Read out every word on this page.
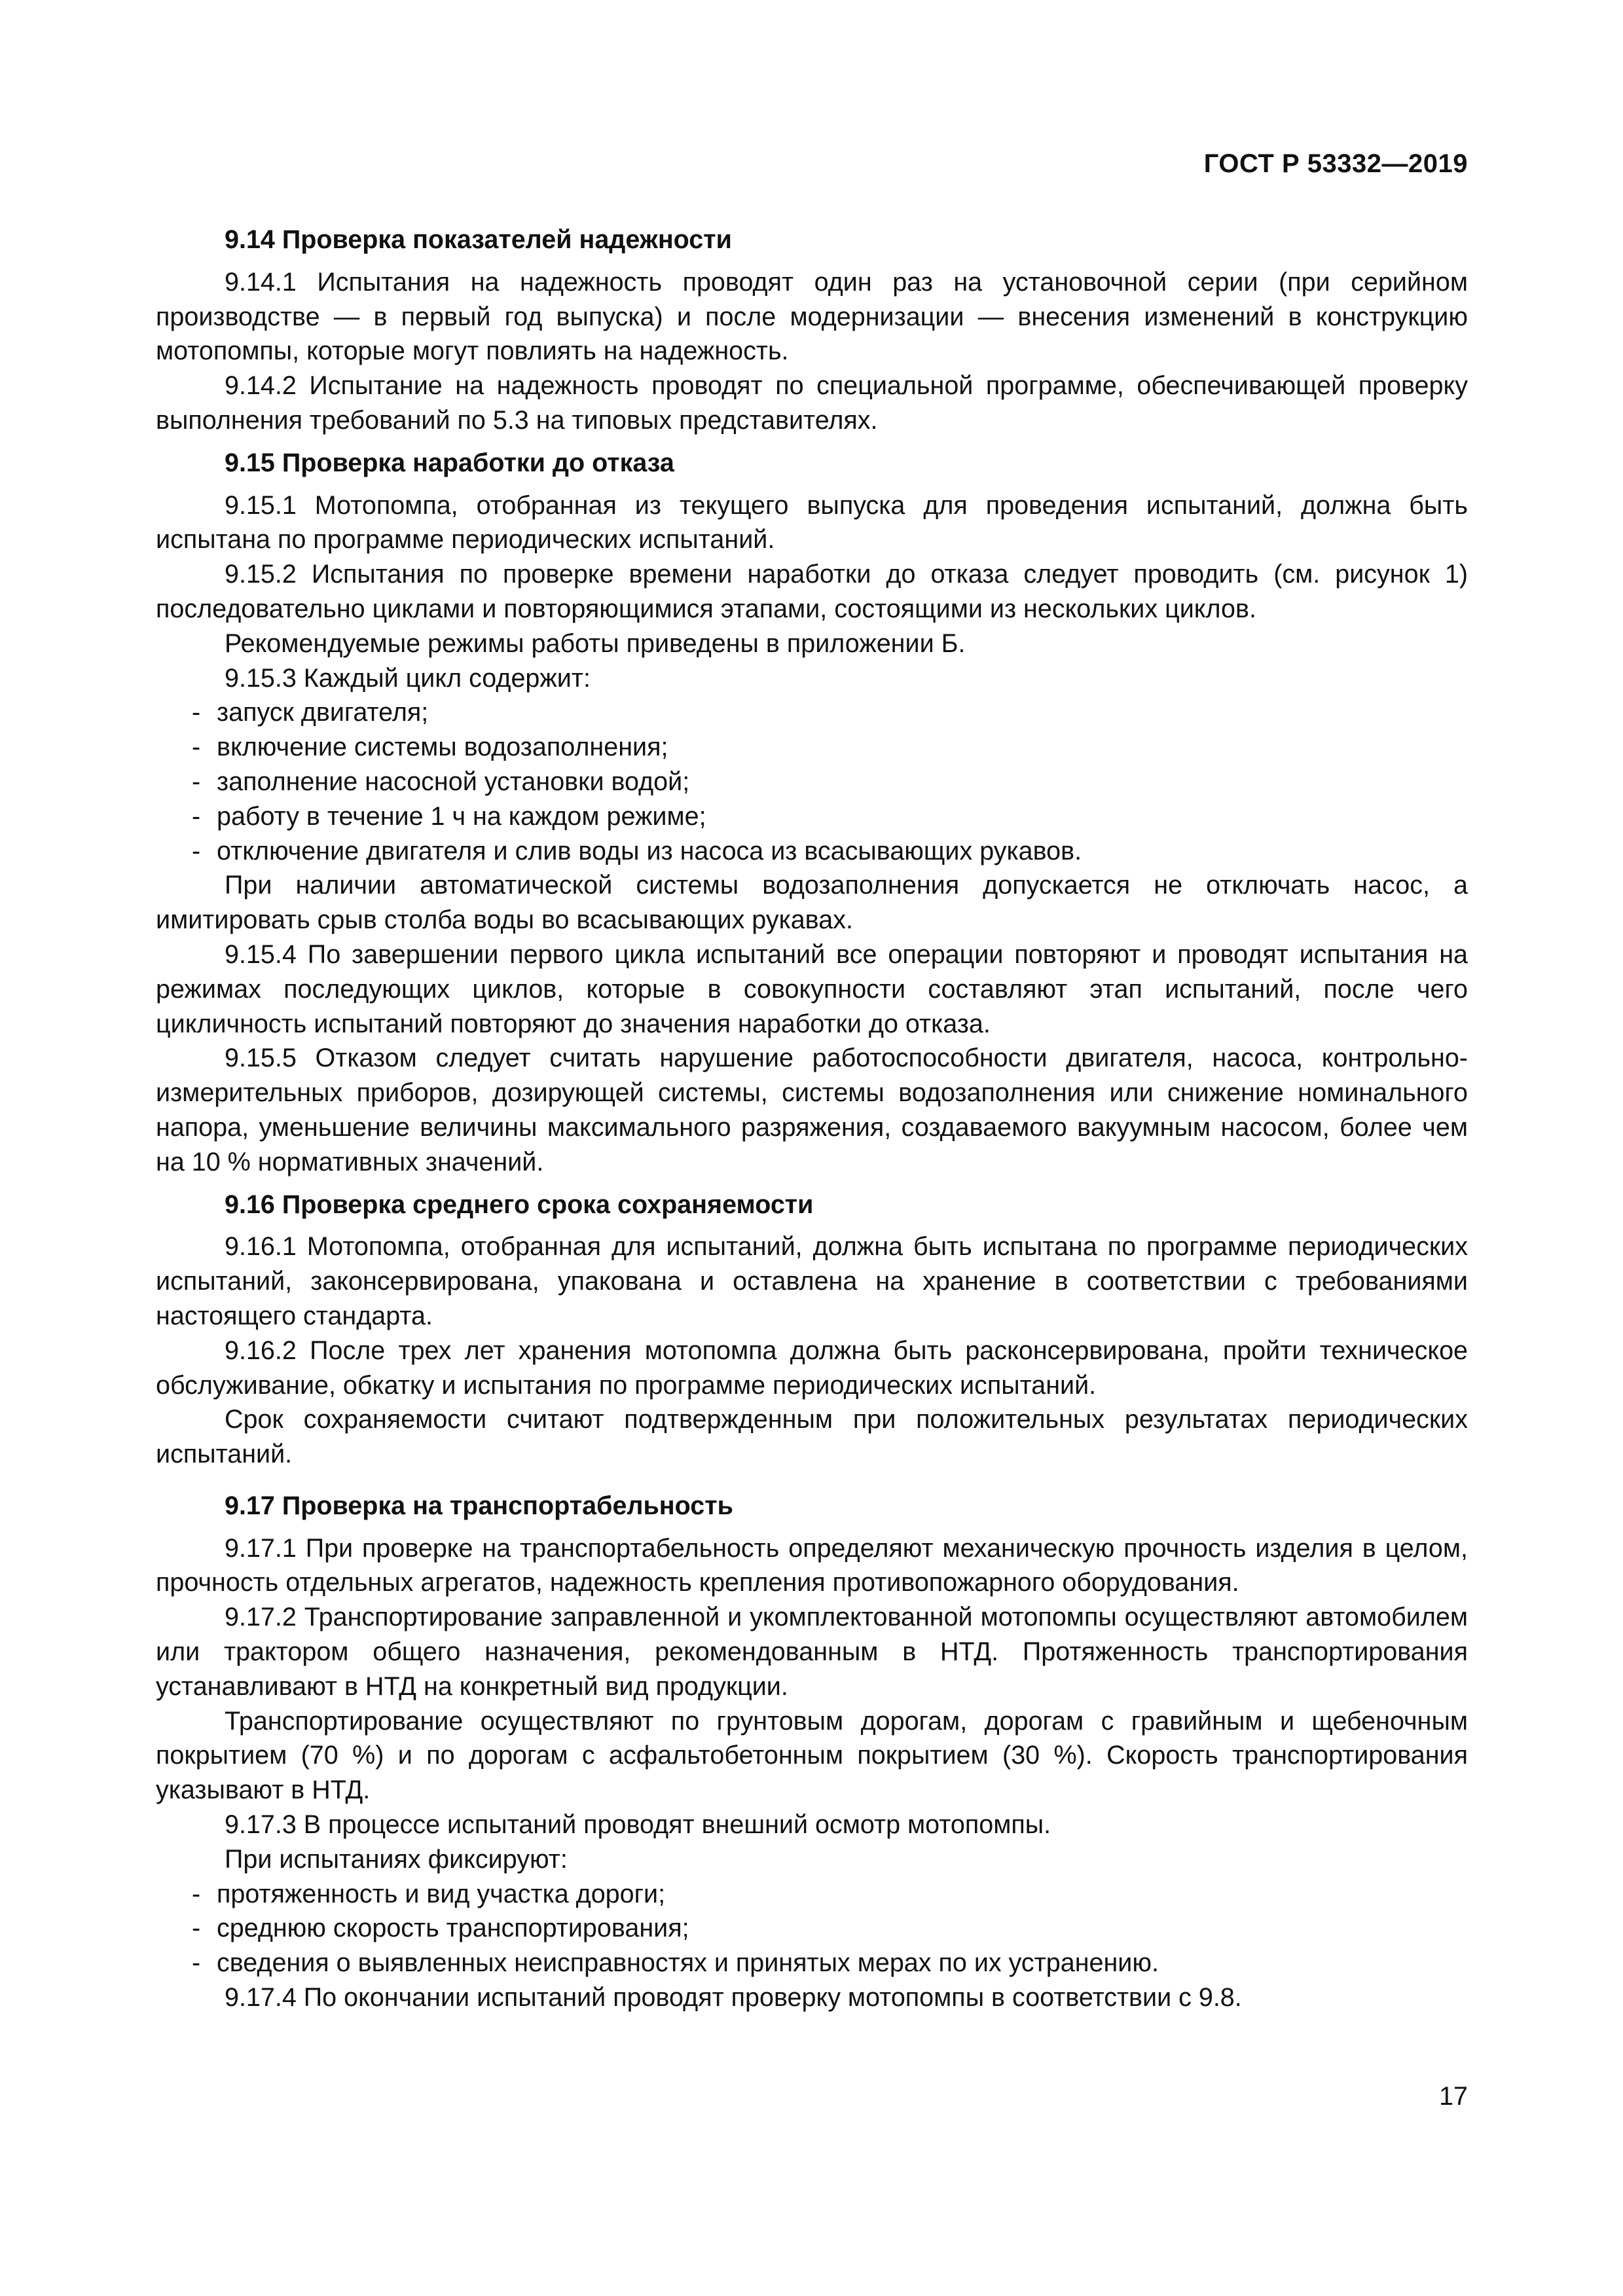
ГОСТ Р 53332—2019
9.14 Проверка показателей надежности

9.14.1 Испытания на надежность проводят один раз на установочной серии (при серийном производстве — в первый год выпуска) и после модернизации — внесения изменений в конструкцию мотопомпы, которые могут повлиять на надежность.

9.14.2 Испытание на надежность проводят по специальной программе, обеспечивающей проверку выполнения требований по 5.3 на типовых представителях.

9.15 Проверка наработки до отказа

9.15.1 Мотопомпа, отобранная из текущего выпуска для проведения испытаний, должна быть испытана по программе периодических испытаний.

9.15.2 Испытания по проверке времени наработки до отказа следует проводить (см. рисунок 1) последовательно циклами и повторяющимися этапами, состоящими из нескольких циклов.

Рекомендуемые режимы работы приведены в приложении Б.

9.15.3 Каждый цикл содержит:

- запуск двигателя;

- включение системы водозаполнения;

- заполнение насосной установки водой;

- работу в течение 1 ч на каждом режиме;

- отключение двигателя и слив воды из насоса из всасывающих рукавов.

При наличии автоматической системы водозаполнения допускается не отключать насос, а имитировать срыв столба воды во всасывающих рукавах.

9.15.4 По завершении первого цикла испытаний все операции повторяют и проводят испытания на режимах последующих циклов, которые в совокупности составляют этап испытаний, после чего цикличность испытаний повторяют до значения наработки до отказа.

9.15.5 Отказом следует считать нарушение работоспособности двигателя, насоса, контрольно-измерительных приборов, дозирующей системы, системы водозаполнения или снижение номинального напора, уменьшение величины максимального разряжения, создаваемого вакуумным насосом, более чем на 10 % нормативных значений.

9.16 Проверка среднего срока сохраняемости

9.16.1 Мотопомпа, отобранная для испытаний, должна быть испытана по программе периодических испытаний, законсервирована, упакована и оставлена на хранение в соответствии с требованиями настоящего стандарта.

9.16.2 После трех лет хранения мотопомпа должна быть расконсервирована, пройти техническое обслуживание, обкатку и испытания по программе периодических испытаний.

Срок сохраняемости считают подтвержденным при положительных результатах периодических испытаний.

9.17 Проверка на транспортабельность

9.17.1 При проверке на транспортабельность определяют механическую прочность изделия в целом, прочность отдельных агрегатов, надежность крепления противопожарного оборудования.

9.17.2 Транспортирование заправленной и укомплектованной мотопомпы осуществляют автомобилем или трактором общего назначения, рекомендованным в НТД. Протяженность транспортирования устанавливают в НТД на конкретный вид продукции.

Транспортирование осуществляют по грунтовым дорогам, дорогам с гравийным и щебеночным покрытием (70 %) и по дорогам с асфальтобетонным покрытием (30 %). Скорость транспортирования указывают в НТД.

9.17.3 В процессе испытаний проводят внешний осмотр мотопомпы.

При испытаниях фиксируют:

- протяженность и вид участка дороги;

- среднюю скорость транспортирования;

- сведения о выявленных неисправностях и принятых мерах по их устранению.

9.17.4 По окончании испытаний проводят проверку мотопомпы в соответствии с 9.8.

17
